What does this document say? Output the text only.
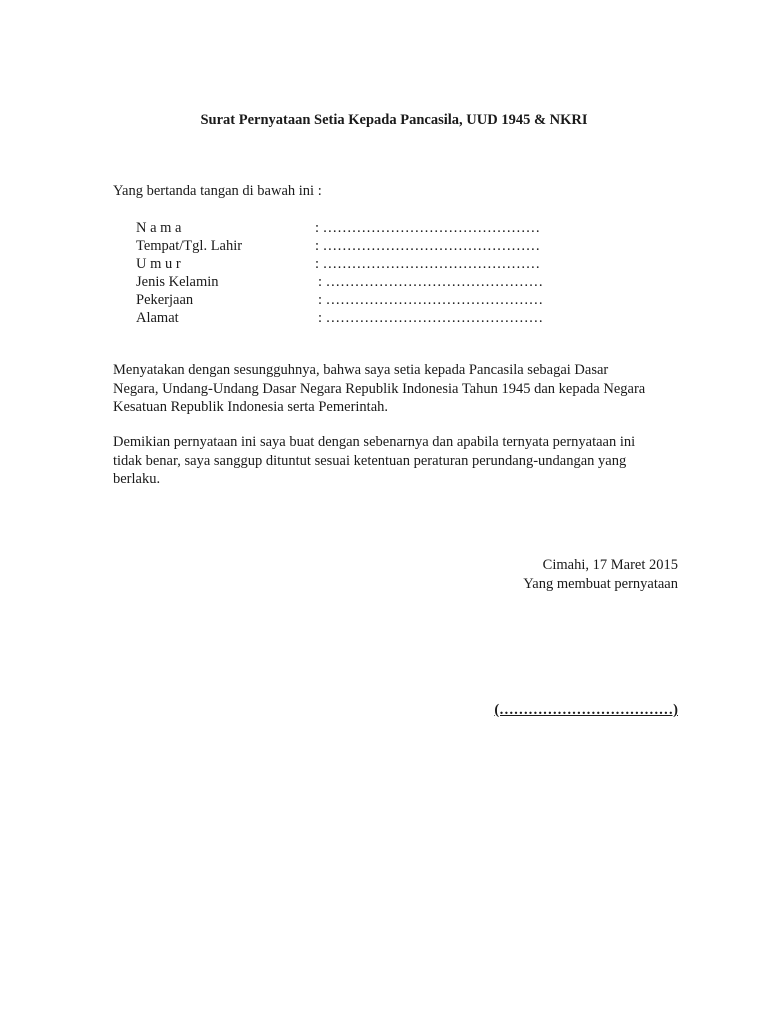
Surat Pernyataan Setia Kepada Pancasila, UUD 1945 & NKRI
Yang bertanda tangan di bawah ini :
N a m a	: ………………………………………
Tempat/Tgl. Lahir	: ………………………………………
U m u r	: ………………………………………
Jenis Kelamin	: ………………………………………
Pekerjaan	: ………………………………………
Alamat	: ………………………………………
Menyatakan dengan sesungguhnya, bahwa saya setia kepada Pancasila sebagai Dasar
Negara, Undang-Undang Dasar Negara Republik Indonesia Tahun 1945 dan kepada Negara
Kesatuan Republik Indonesia serta Pemerintah.
Demikian pernyataan ini saya buat dengan sebenarnya dan apabila ternyata pernyataan ini
tidak benar, saya sanggup dituntut sesuai ketentuan peraturan perundang-undangan yang
berlaku.
Cimahi, 17 Maret 2015
Yang membuat pernyataan
(………………………………)
